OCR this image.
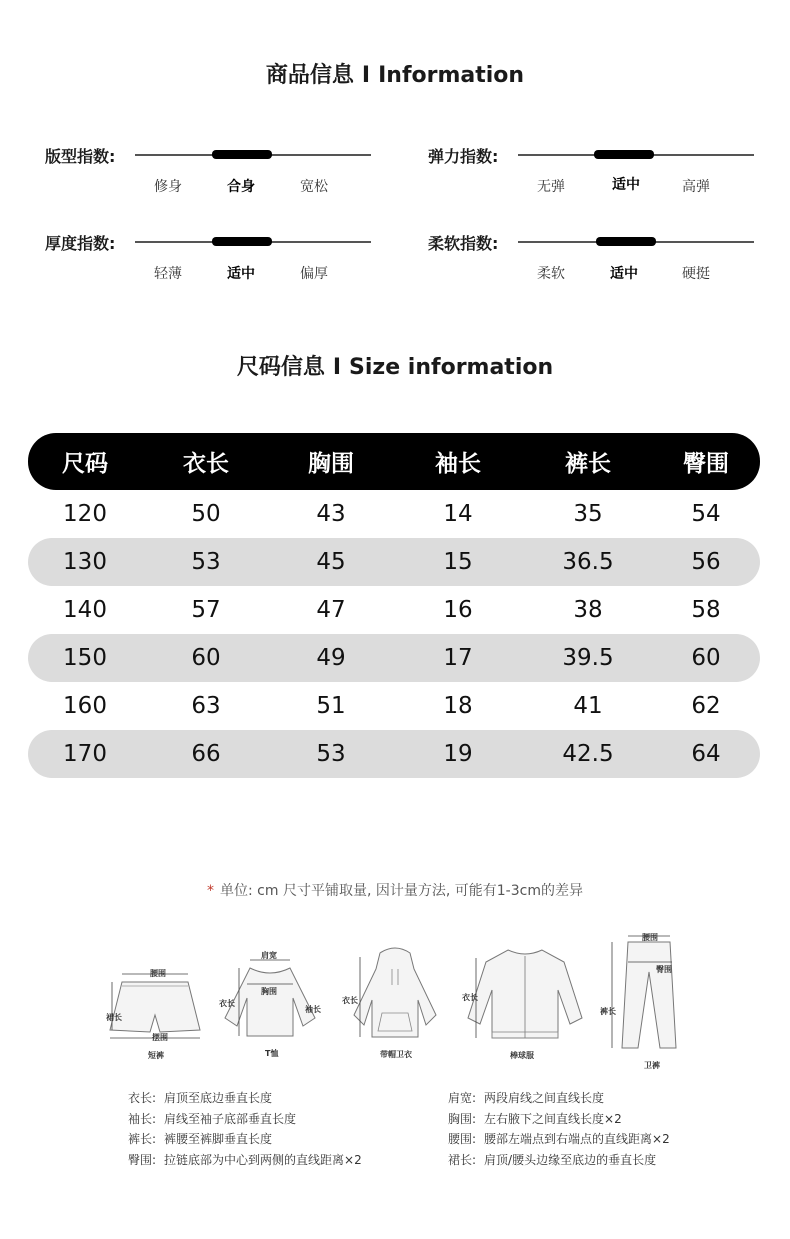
商品信息 I Information
版型指数:
修身	合身	宽松
弹力指数:
无弹	适中	高弹
厚度指数:
轻薄	适中	偏厚
柔软指数:
柔软	适中	硬挺
尺码信息 I Size information
尺码	衣长	胸围	袖长	裤长	臀围
120	50	43	14	35	54
130	53	45	15	36.5	56
140	57	47	16	38	58
150	60	49	17	39.5	60
160	63	51	18	41	62
170	66	53	19	42.5	64
* 单位: cm 尺寸平铺取量, 因计量方法, 可能有1-3cm的差异
腰围
裙长
摆围
短裤
肩宽
胸围
衣长
袖长
T恤
衣长
带帽卫衣
衣长
棒球服
腰围
臀围
裤长
卫裤
衣长: 肩顶至底边垂直长度
袖长: 肩线至袖子底部垂直长度
裤长: 裤腰至裤脚垂直长度
臀围: 拉链底部为中心到两侧的直线距离×2
肩宽: 两段肩线之间直线长度
胸围: 左右腋下之间直线长度×2
腰围: 腰部左端点到右端点的直线距离×2
裙长: 肩顶/腰头边缘至底边的垂直长度
